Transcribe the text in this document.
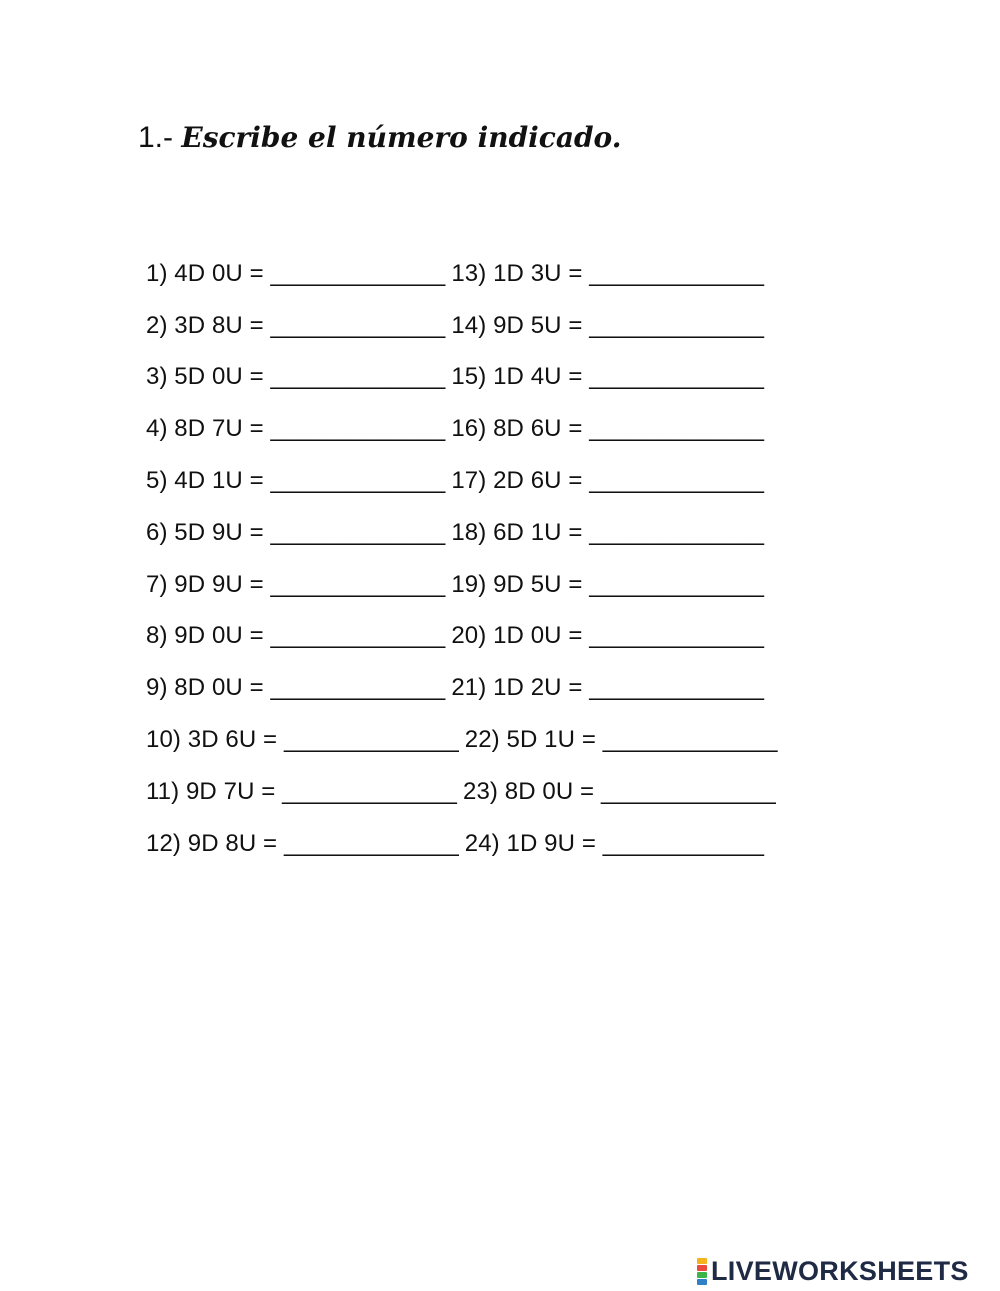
1.- Escribe el número indicado.
1) 4D 0U = _____________ 13) 1D 3U = _____________
2) 3D 8U = _____________ 14) 9D 5U = _____________
3) 5D 0U = _____________ 15) 1D 4U = _____________
4) 8D 7U = _____________ 16) 8D 6U = _____________
5) 4D 1U = _____________ 17) 2D 6U = _____________
6) 5D 9U = _____________ 18) 6D 1U = _____________
7) 9D 9U = _____________ 19) 9D 5U = _____________
8) 9D 0U = _____________ 20) 1D 0U = _____________
9) 8D 0U = _____________ 21) 1D 2U = _____________
10) 3D 6U = _____________ 22) 5D 1U = _____________
11) 9D 7U = _____________ 23) 8D 0U = _____________
12) 9D 8U = _____________ 24) 1D 9U = ____________
LIVEWORKSHEETS
